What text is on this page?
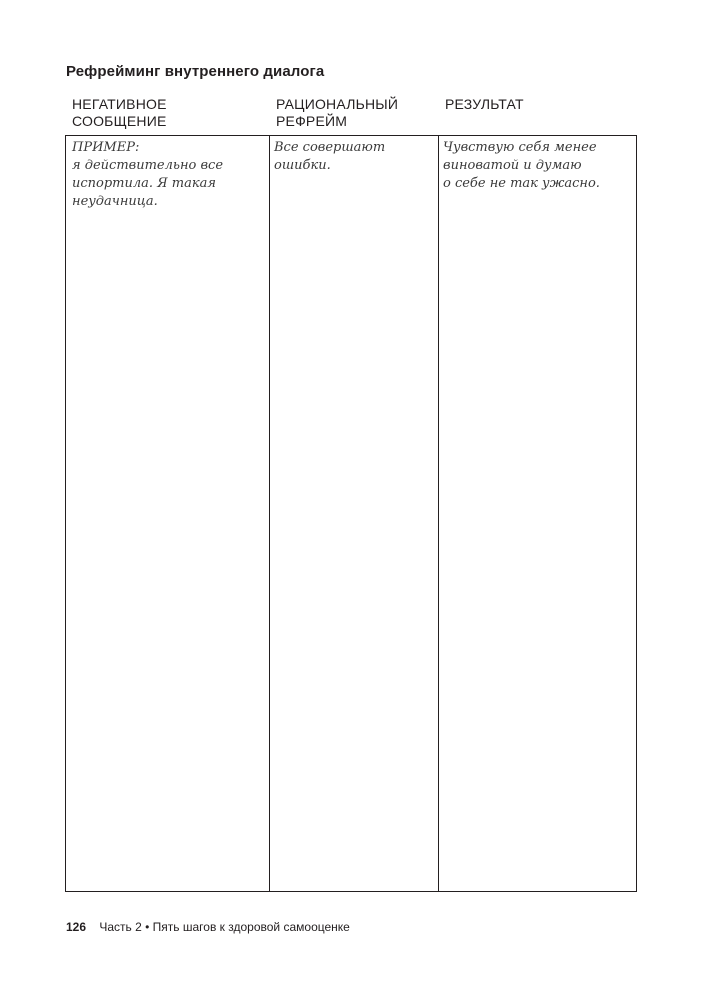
Рефрейминг внутреннего диалога
НЕГАТИВНОЕ
СООБЩЕНИЕ
РАЦИОНАЛЬНЫЙ
РЕФРЕЙМ
РЕЗУЛЬТАТ
ПРИМЕР:
я действительно все
испортила. Я такая
неудачница.
Все совершают
ошибки.
Чувствую себя менее
виноватой и думаю
о себе не так ужасно.
126 Часть 2 • Пять шагов к здоровой самооценке
